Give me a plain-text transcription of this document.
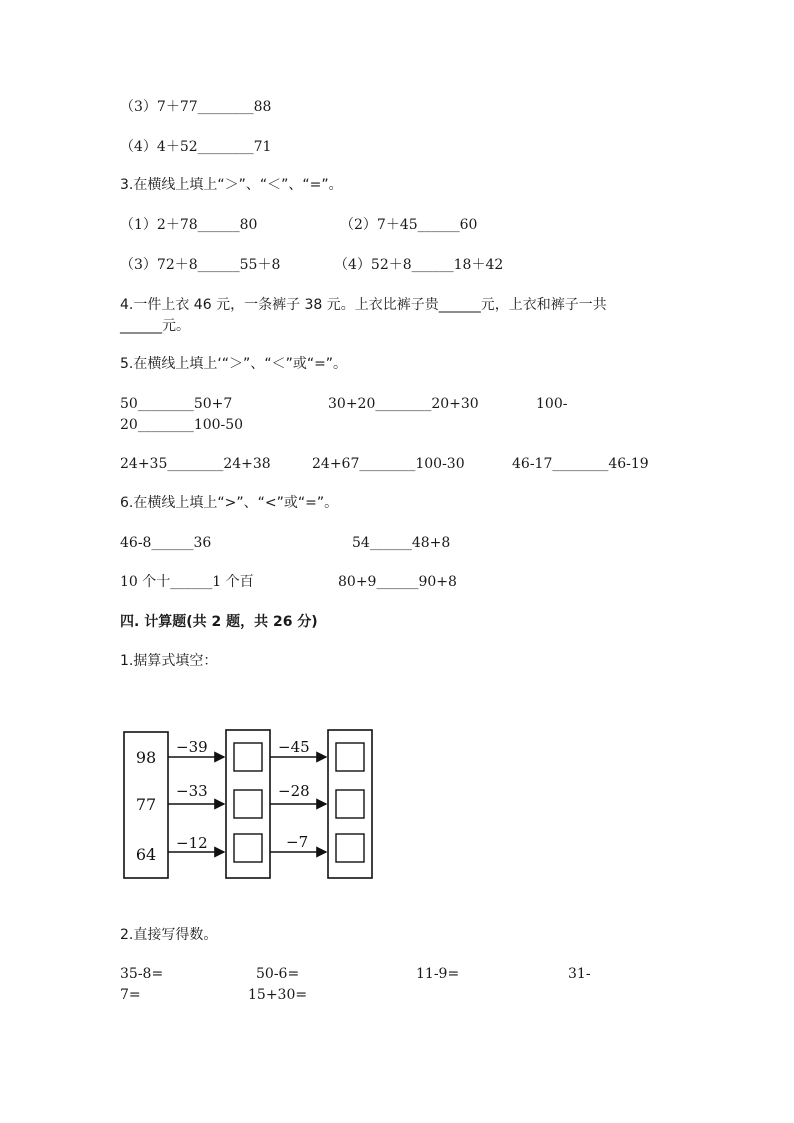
（3）7＋77________88
（4）4＋52________71
3.在横线上填上“＞”、“＜”、“=”。
（1）2＋78______80	（2）7＋45______60
（3）72＋8______55＋8	（4）52＋8______18＋42
4.一件上衣 46 元，一条裤子 38 元。上衣比裤子贵______元，上衣和裤子一共
______元。
5.在横线上填上‘“＞”、“＜”或“=”。
50________50+7	30+20________20+30	100-
20________100-50
24+35________24+38	24+67________100-30	46-17________46-19
6.在横线上填上“>”、“<”或“=”。
46-8______36	54______48+8
10 个十______1 个百	80+9______90+8
四. 计算题(共 2 题，共 26 分)
1.据算式填空：
98
77
64
−39
−33
−12
−45
−28
−7
2.直接写得数。
35-8=	50-6=	11-9=	31-
7=	15+30=
